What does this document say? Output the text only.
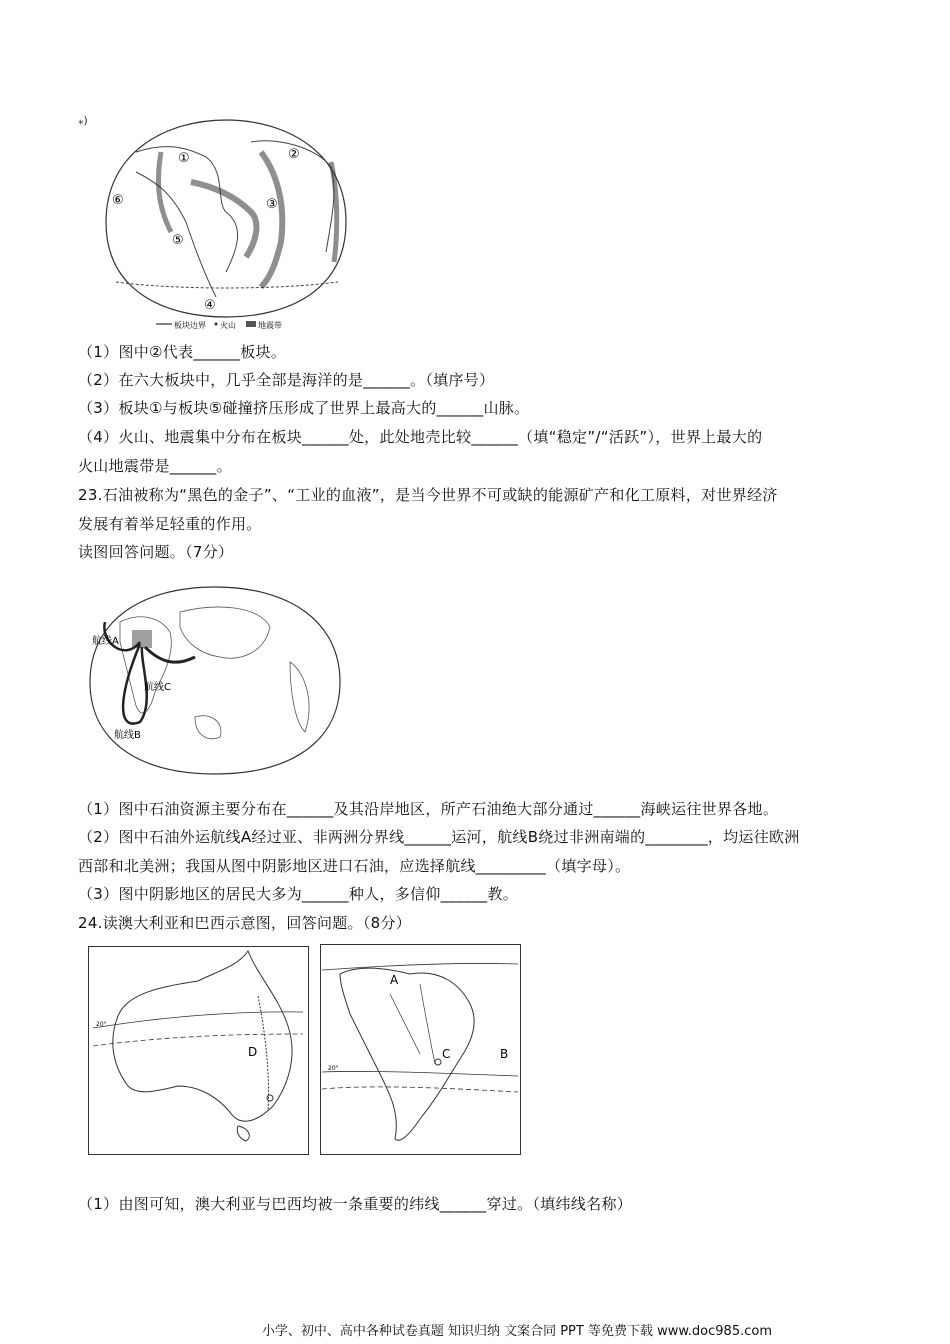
⁎)
①	②
③
④
⑤
⑥
板块边界 火山	地震带
（1）图中②代表______板块。
（2）在六大板块中，几乎全部是海洋的是______。（填序号）
（3）板块①与板块⑤碰撞挤压形成了世界上最高大的______山脉。
（4）火山、地震集中分布在板块______处，此处地壳比较______（填“稳定”/“活跃”），世界上最大的
火山地震带是______。
23.石油被称为“黑色的金子”、“工业的血液”，是当今世界不可或缺的能源矿产和化工原料，对世界经济
发展有着举足轻重的作用。
读图回答问题。（7分）
航线A
航线C
航线B
（1）图中石油资源主要分布在______及其沿岸地区，所产石油绝大部分通过______海峡运往世界各地。
（2）图中石油外运航线A经过亚、非两洲分界线______运河，航线B绕过非洲南端的________，均运往欧洲
西部和北美洲；我国从图中阴影地区进口石油，应选择航线_________（填字母）。
（3）图中阴影地区的居民大多为______种人，多信仰______教。
24.读澳大利亚和巴西示意图，回答问题。（8分）
20°
D
A
C	B
20°
（1）由图可知，澳大利亚与巴西均被一条重要的纬线______穿过。（填纬线名称）
小学、初中、高中各种试卷真题 知识归纳 文案合同 PPT 等免费下载 www.doc985.com
